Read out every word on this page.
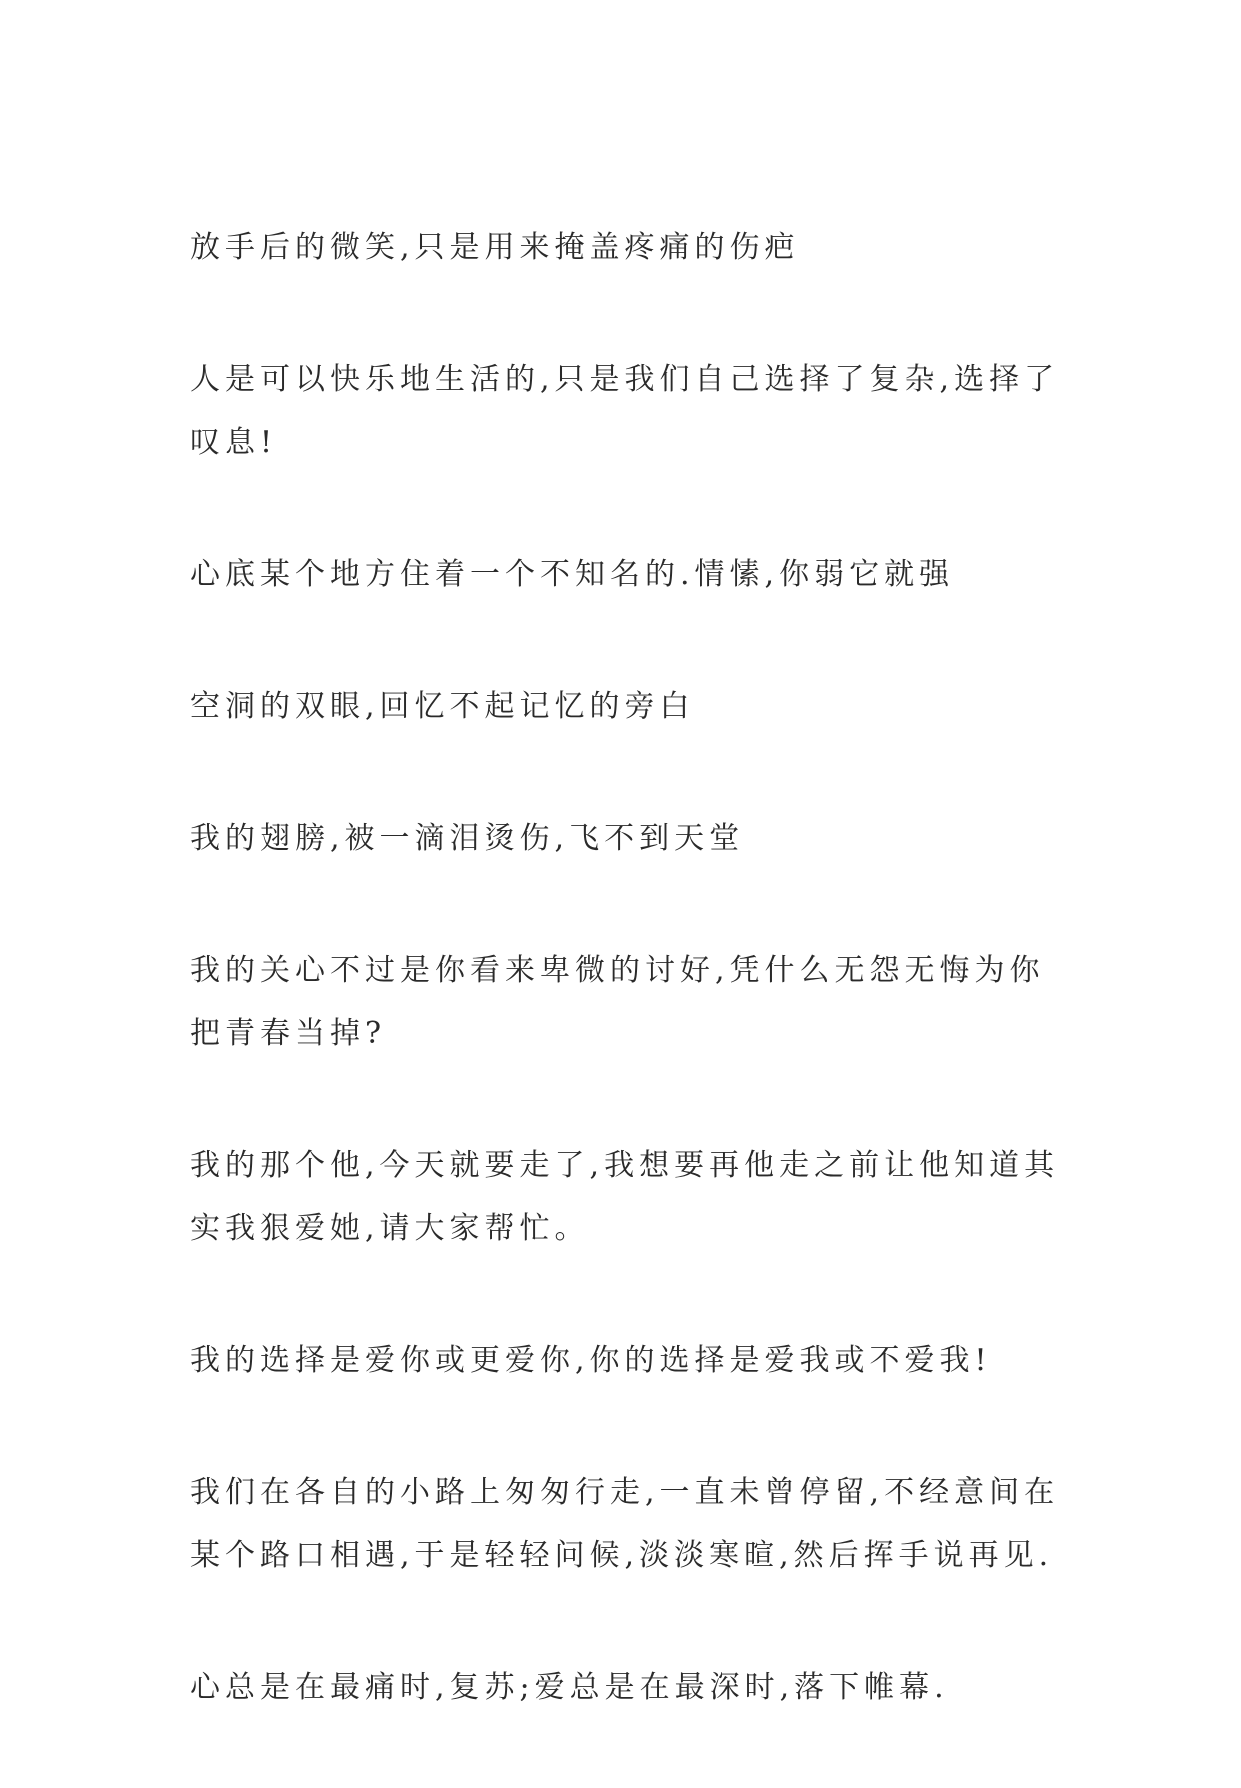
放手后的微笑,只是用来掩盖疼痛的伤疤

人是可以快乐地生活的,只是我们自己选择了复杂,选择了叹息!

心底某个地方住着一个不知名的.情愫,你弱它就强

空洞的双眼,回忆不起记忆的旁白

我的翅膀,被一滴泪烫伤,飞不到天堂

我的关心不过是你看来卑微的讨好,凭什么无怨无悔为你把青春当掉?

我的那个他,今天就要走了,我想要再他走之前让他知道其实我狠爱她,请大家帮忙。

我的选择是爱你或更爱你,你的选择是爱我或不爱我!

我们在各自的小路上匆匆行走,一直未曾停留,不经意间在某个路口相遇,于是轻轻问候,淡淡寒暄,然后挥手说再见.

心总是在最痛时,复苏;爱总是在最深时,落下帷幕.
